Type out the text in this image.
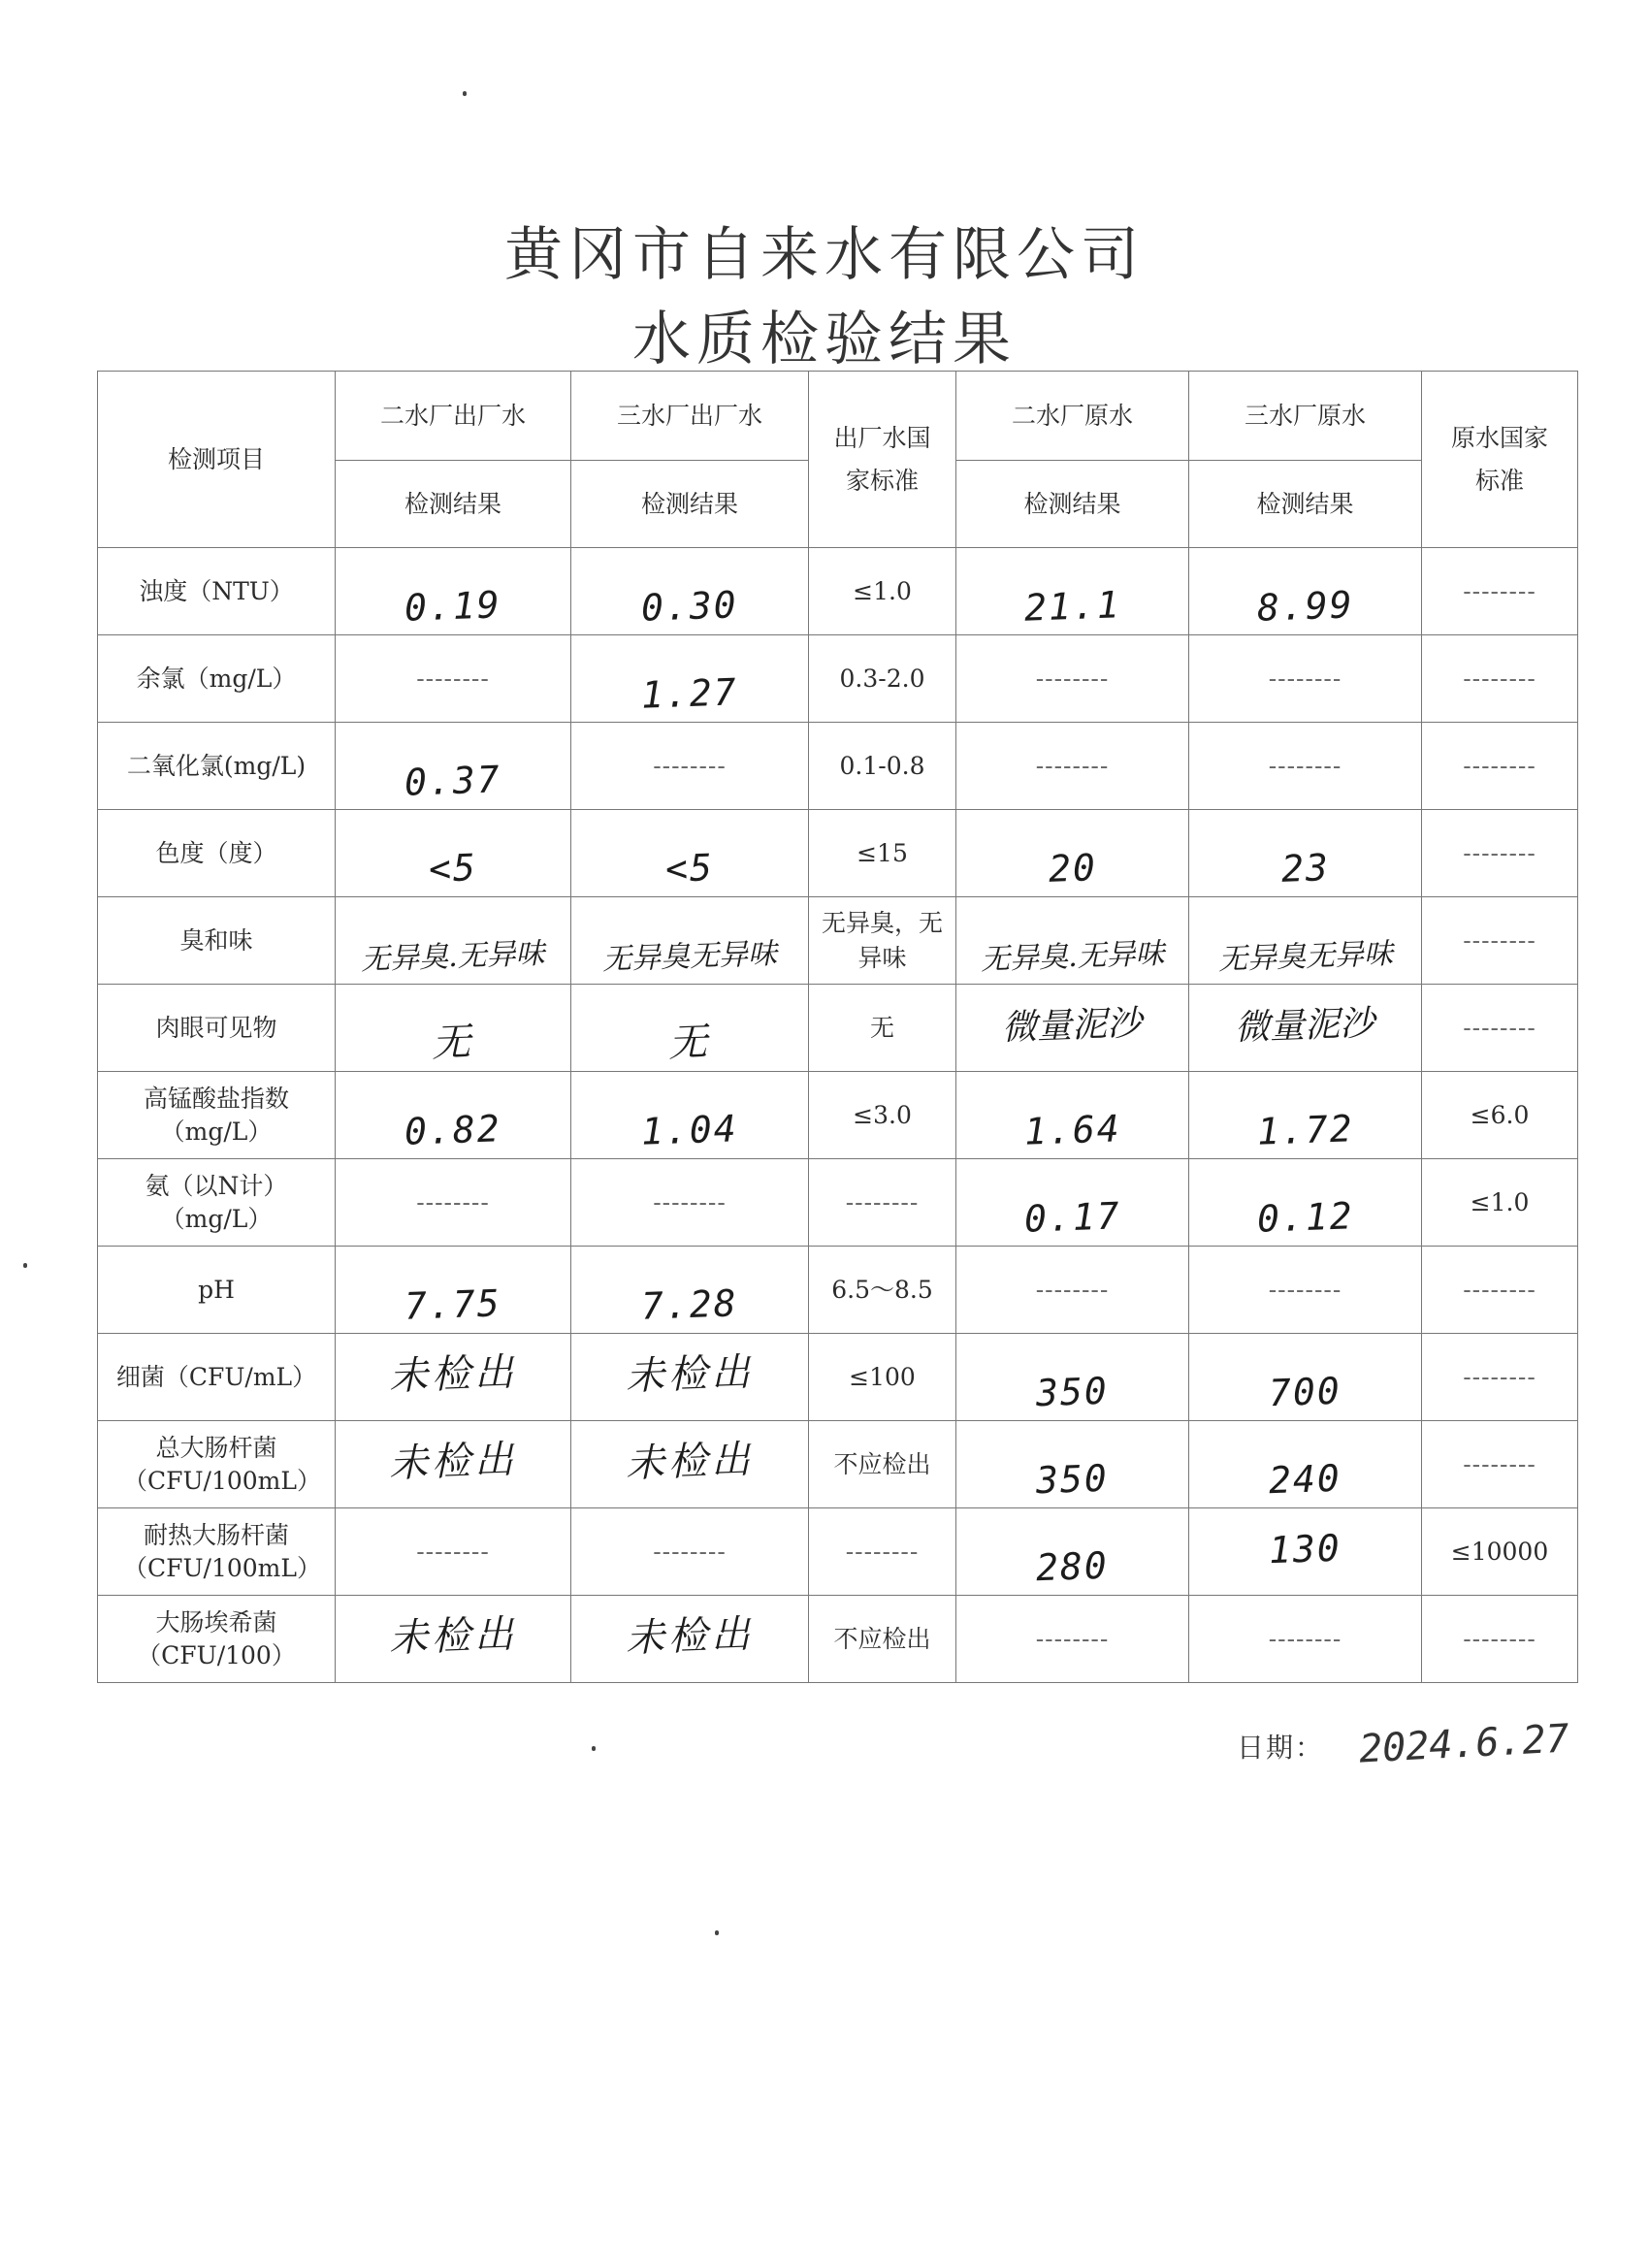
黄冈市自来水有限公司
水质检验结果
检测项目	二水厂出厂水	三水厂出厂水	出厂水国家标准	二水厂原水	三水厂原水	原水国家标准
	检测结果	检测结果		检测结果	检测结果	
浊度（NTU）	0.19	0.30	≤1.0	21.1	8.99	--------
余氯（mg/L）	--------	1.27	0.3-2.0	--------	--------	--------
二氧化氯(mg/L)	0.37	--------	0.1-0.8	--------	--------	--------
色度（度）	<5	<5	≤15	20	23	--------
臭和味	无异臭.无异味	无异臭无异味	无异臭，无异味	无异臭.无异味	无异臭无异味	--------
肉眼可见物	无	无	无	微量泥沙	微量泥沙	--------
高锰酸盐指数（mg/L）	0.82	1.04	≤3.0	1.64	1.72	≤6.0
氨（以N计）（mg/L）	--------	--------	--------	0.17	0.12	≤1.0
pH	7.75	7.28	6.5～8.5	--------	--------	--------
细菌（CFU/mL）	未检出	未检出	≤100	350	700	--------
总大肠杆菌（CFU/100mL）	未检出	未检出	不应检出	350	240	--------
耐热大肠杆菌（CFU/100mL）	--------	--------	--------	280	130	≤10000
大肠埃希菌（CFU/100）	未检出	未检出	不应检出	--------	--------	--------
日期： 2024.6.27
